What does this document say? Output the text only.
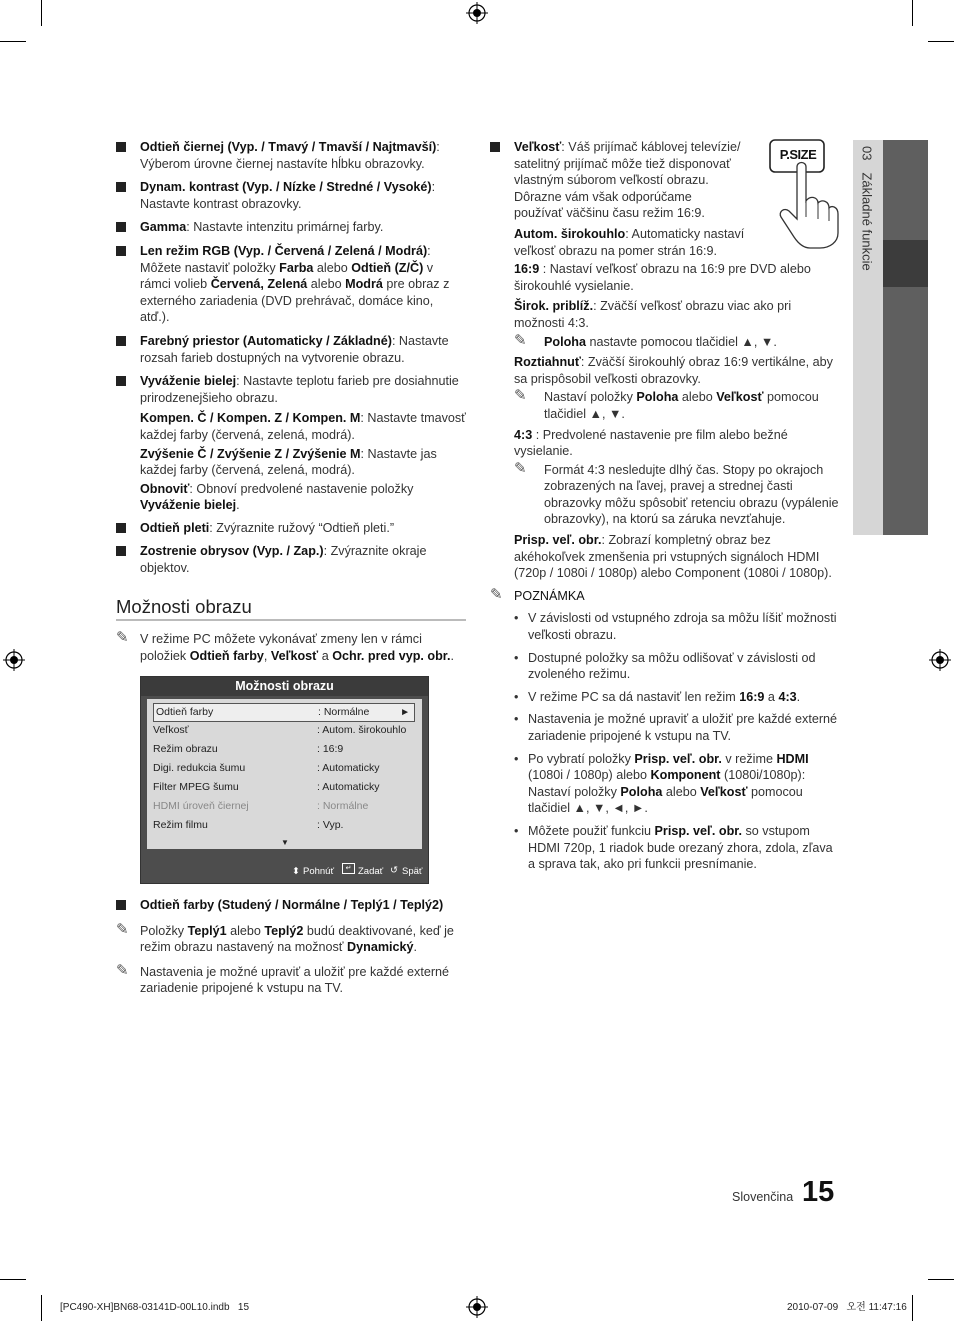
Odtieň čiernej (Vyp. / Tmavý / Tmavší / Najtmavší): Výberom úrovne čiernej nastavíte hĺbku obrazovky.
Dynam. kontrast (Vyp. / Nízke / Stredné / Vysoké): Nastavte kontrast obrazovky.
Gamma: Nastavte intenzitu primárnej farby.
Len režim RGB (Vyp. / Červená / Zelená / Modrá): Môžete nastaviť položky Farba alebo Odtieň (Z/Č) v rámci volieb Červená, Zelená alebo Modrá pre obraz z externého zariadenia (DVD prehrávač, domáce kino, atď.).
Farebný priestor (Automaticky / Základné): Nastavte rozsah farieb dostupných na vytvorenie obrazu.
Vyváženie bielej: Nastavte teplotu farieb pre dosiahnutie prirodzenejšieho obrazu.
Kompen. Č / Kompen. Z / Kompen. M: Nastavte tmavosť každej farby (červená, zelená, modrá).
Zvýšenie Č / Zvýšenie Z / Zvýšenie M: Nastavte jas každej farby (červená, zelená, modrá).
Obnoviť: Obnoví predvolené nastavenie položky Vyváženie bielej.
Odtieň pleti: Zvýraznite ružový “Odtieň pleti.”
Zostrenie obrysov (Vyp. / Zap.): Zvýraznite okraje objektov.
Možnosti obrazu
✎ V režime PC môžete vykonávať zmeny len v rámci položiek Odtieň farby, Veľkosť a Ochr. pred vyp. obr..
Možnosti obrazu
Odtieň farby	: Normálne	►
Veľkosť	: Autom. širokouhlo
Režim obrazu	: 16:9
Digi. redukcia šumu	: Automaticky
Filter MPEG šumu	: Automaticky
HDMI úroveň čiernej	: Normálne
Režim filmu	: Vyp.
▼
⬍ Pohnúť	↵ Zadať ↺ Späť
Odtieň farby (Studený / Normálne / Teplý1 / Teplý2)
✎ Položky Teplý1 alebo Teplý2 budú deaktivované, keď je režim obrazu nastavený na možnosť Dynamický.
✎ Nastavenia je možné upraviť a uložiť pre každé externé zariadenie pripojené k vstupu na TV.
Veľkosť: Váš prijímač káblovej televízie/ satelitný prijímač môže tiež disponovať vlastným súborom veľkostí obrazu. Dôrazne vám však odporúčame používať väčšinu času režim 16:9.
Autom. širokouhlo: Automaticky nastaví veľkosť obrazu na pomer strán 16:9.
16:9 : Nastaví veľkosť obrazu na 16:9 pre DVD alebo širokouhlé vysielanie.
Širok. priblíž.: Zväčší veľkosť obrazu viac ako pri možnosti 4:3.
✎ Poloha nastavte pomocou tlačidiel ▲, ▼.
Roztiahnuť: Zväčší širokouhlý obraz 16:9 vertikálne, aby sa prispôsobil veľkosti obrazovky.
✎ Nastaví položky Poloha alebo Veľkosť pomocou tlačidiel ▲, ▼.
4:3 : Predvolené nastavenie pre film alebo bežné vysielanie.
✎ Formát 4:3 nesledujte dlhý čas. Stopy po okrajoch zobrazených na ľavej, pravej a strednej časti obrazovky môžu spôsobiť retenciu obrazu (vypálenie obrazovky), na ktorú sa záruka nevzťahuje.
Prisp. veľ. obr.: Zobrazí kompletný obraz bez akéhokoľvek zmenšenia pri vstupných signáloch HDMI (720p / 1080i / 1080p) alebo Component (1080i / 1080p).
✎ POZNÁMKA
• V závislosti od vstupného zdroja sa môžu líšiť možnosti veľkosti obrazu.
• Dostupné položky sa môžu odlišovať v závislosti od zvoleného režimu.
• V režime PC sa dá nastaviť len režim 16:9 a 4:3.
• Nastavenia je možné upraviť a uložiť pre každé externé zariadenie pripojené k vstupu na TV.
• Po vybratí položky Prisp. veľ. obr. v režime HDMI (1080i / 1080p) alebo Komponent (1080i/1080p): Nastaví položky Poloha alebo Veľkosť pomocou tlačidiel ▲, ▼, ◄, ►.
• Môžete použiť funkciu Prisp. veľ. obr. so vstupom HDMI 720p, 1 riadok bude orezaný zhora, zdola, zľava a sprava tak, ako pri funkcii presnímanie.
P.SIZE	03Základné funkcie
Slovenčina 15
[PC490-XH]BN68-03141D-00L10.indb   15	2010-07-09   오전 11:47:16
